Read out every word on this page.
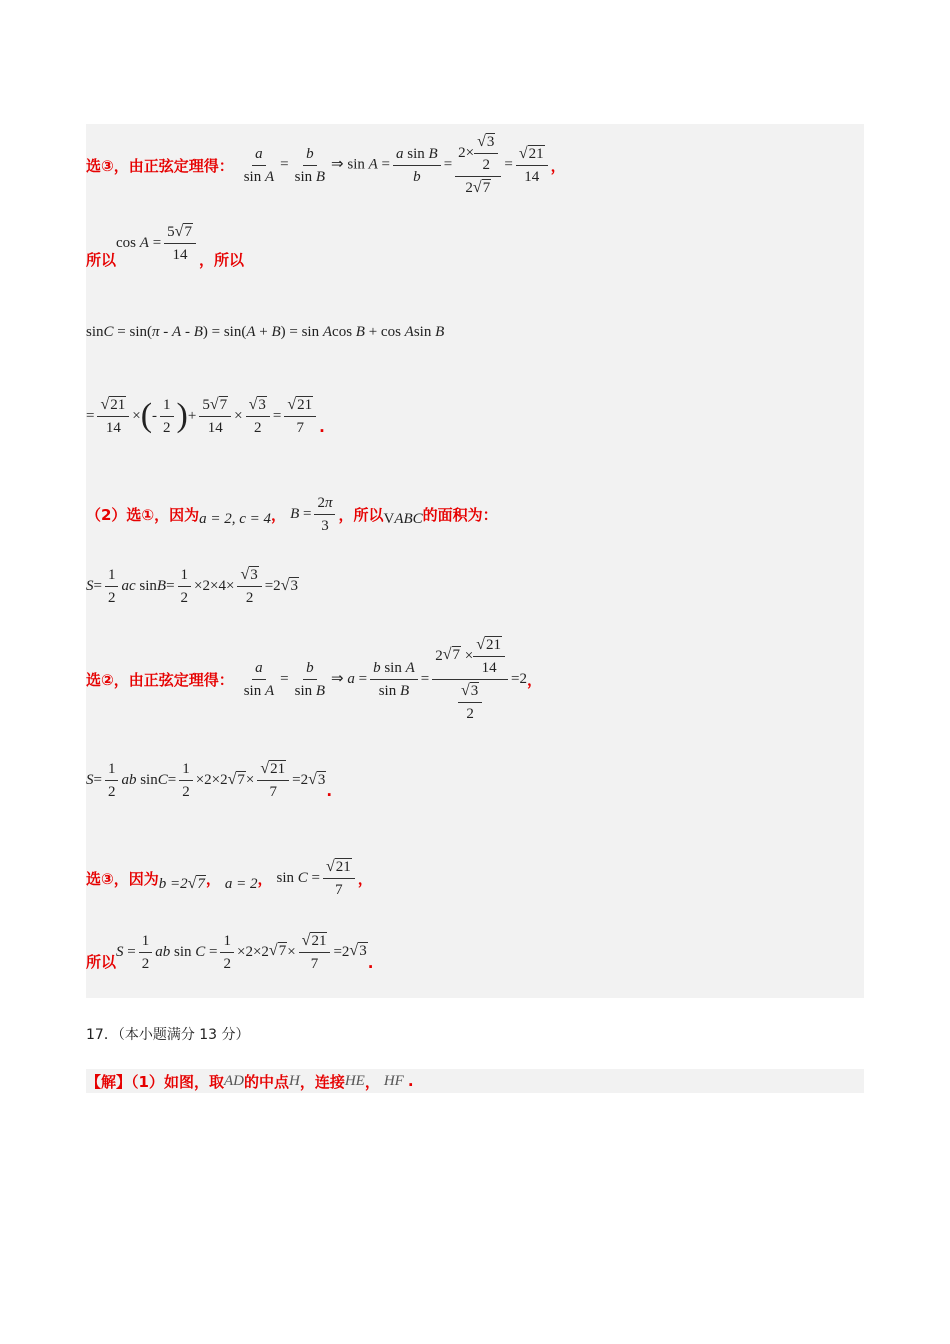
选③，由正弦定理得： $\frac{a}{\text{sin A}} = \frac{b}{\text{sin B}}$ ⇒ $\sin A = \frac{\text{a sin B}}{b} = \frac{2\times \frac{√ 3}{2}}{2 √ 7} = \frac{√ 21}{14}$ ，
所以
$\cos A = \frac{5 √ 7}{14}$ ，所以
sinC = sin(π - A - B) = sin(A + B) = sin Acos B + cos Asin B
= $\frac{√ 21}{14}$ × ( - $\frac{1}{2}$ ) + $\frac{5 √ 7}{14} \times \frac{√ 3}{2} = \frac{√ 21}{7}$ .
（2）选①，因为 a = 2, c = 4 ， $B = \frac{2\pi}{3}$ ，所以 VABC 的面积为：
$S = \frac{1}{2}$ ac $\sin B = \frac{1}{2} \times 2\times 4\times \frac{√ 3}{2} =2$ √ 3
选②，由正弦定理得： $\frac{a}{\text{sin A}} = \frac{b}{\text{sin B}}$ ⇒ $a = \frac{\text{b sin A}}{\text{sin B}} = \frac{2 √ 7 \times \frac{√ 21}{14}}{\frac{√ 3}{2}} =2$ ，
$S = \frac{1}{2}$ ab $\sin C = \frac{1}{2} \times 2\times 2$ √ $7 \times \frac{√ 21}{7} =2$ √ 3
.
选③，因为 b =2 √ 7 ， a = 2 ， $\sin C = \frac{√ 21}{7}$ ，
所以
$S = \frac{1}{2}$ ab $\sin C = \frac{1}{2} \times 2\times 2$ √ $7 \times \frac{√ 21}{7} =2$ √ 3
.
17．（本小题满分 13 分）
【解】（1）如图，取 AD 的中点 H ，连接 HE ， HF .
